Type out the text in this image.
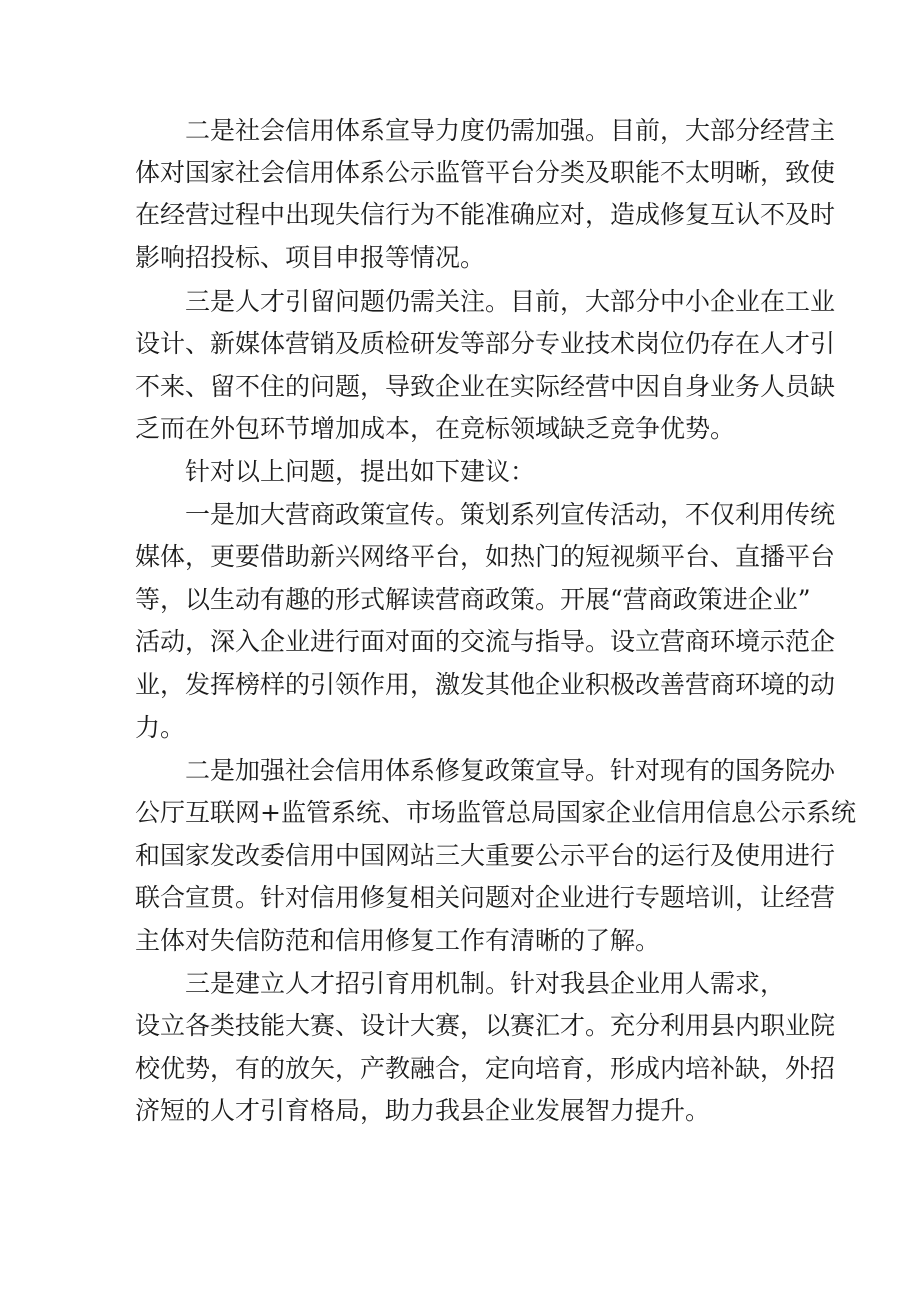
二是社会信用体系宣导力度仍需加强。目前，大部分经营主
体对国家社会信用体系公示监管平台分类及职能不太明晰，致使
在经营过程中出现失信行为不能准确应对，造成修复互认不及时
影响招投标、项目申报等情况。
三是人才引留问题仍需关注。目前，大部分中小企业在工业
设计、新媒体营销及质检研发等部分专业技术岗位仍存在人才引
不来、留不住的问题，导致企业在实际经营中因自身业务人员缺
乏而在外包环节增加成本，在竞标领域缺乏竞争优势。
针对以上问题，提出如下建议：
一是加大营商政策宣传。策划系列宣传活动，不仅利用传统
媒体，更要借助新兴网络平台，如热门的短视频平台、直播平台
等，以生动有趣的形式解读营商政策。开展“营商政策进企业”
活动，深入企业进行面对面的交流与指导。设立营商环境示范企
业，发挥榜样的引领作用，激发其他企业积极改善营商环境的动
力。
二是加强社会信用体系修复政策宣导。针对现有的国务院办
公厅互联网+监管系统、市场监管总局国家企业信用信息公示系统
和国家发改委信用中国网站三大重要公示平台的运行及使用进行
联合宣贯。针对信用修复相关问题对企业进行专题培训，让经营
主体对失信防范和信用修复工作有清晰的了解。
三是建立人才招引育用机制。针对我县企业用人需求，
设立各类技能大赛、设计大赛，以赛汇才。充分利用县内职业院
校优势，有的放矢，产教融合，定向培育，形成内培补缺，外招
济短的人才引育格局，助力我县企业发展智力提升。
